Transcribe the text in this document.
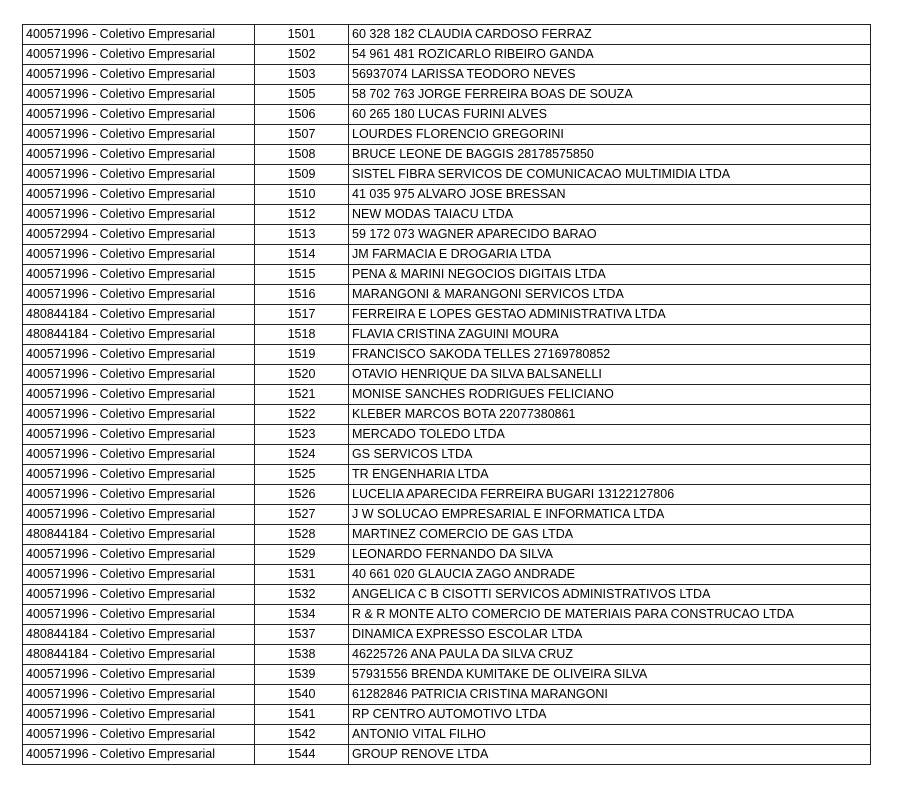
400571996 - Coletivo Empresarial	1501	60 328 182 CLAUDIA CARDOSO FERRAZ
400571996 - Coletivo Empresarial	1502	54 961 481 ROZICARLO RIBEIRO GANDA
400571996 - Coletivo Empresarial	1503	56937074 LARISSA TEODORO NEVES
400571996 - Coletivo Empresarial	1505	58 702 763 JORGE FERREIRA BOAS DE SOUZA
400571996 - Coletivo Empresarial	1506	60 265 180 LUCAS FURINI ALVES
400571996 - Coletivo Empresarial	1507	LOURDES FLORENCIO GREGORINI
400571996 - Coletivo Empresarial	1508	BRUCE LEONE DE BAGGIS 28178575850
400571996 - Coletivo Empresarial	1509	SISTEL FIBRA SERVICOS DE COMUNICACAO MULTIMIDIA LTDA
400571996 - Coletivo Empresarial	1510	41 035 975 ALVARO JOSE BRESSAN
400571996 - Coletivo Empresarial	1512	NEW MODAS TAIACU LTDA
400572994 - Coletivo Empresarial	1513	59 172 073 WAGNER APARECIDO BARAO
400571996 - Coletivo Empresarial	1514	JM FARMACIA E DROGARIA LTDA
400571996 - Coletivo Empresarial	1515	PENA & MARINI NEGOCIOS DIGITAIS LTDA
400571996 - Coletivo Empresarial	1516	MARANGONI & MARANGONI SERVICOS LTDA
480844184 - Coletivo Empresarial	1517	FERREIRA E LOPES GESTAO ADMINISTRATIVA LTDA
480844184 - Coletivo Empresarial	1518	FLAVIA CRISTINA ZAGUINI MOURA
400571996 - Coletivo Empresarial	1519	FRANCISCO SAKODA TELLES 27169780852
400571996 - Coletivo Empresarial	1520	OTAVIO HENRIQUE DA SILVA BALSANELLI
400571996 - Coletivo Empresarial	1521	MONISE SANCHES RODRIGUES FELICIANO
400571996 - Coletivo Empresarial	1522	KLEBER MARCOS BOTA 22077380861
400571996 - Coletivo Empresarial	1523	MERCADO TOLEDO LTDA
400571996 - Coletivo Empresarial	1524	GS SERVICOS LTDA
400571996 - Coletivo Empresarial	1525	TR ENGENHARIA LTDA
400571996 - Coletivo Empresarial	1526	LUCELIA APARECIDA FERREIRA BUGARI 13122127806
400571996 - Coletivo Empresarial	1527	J W SOLUCAO EMPRESARIAL E INFORMATICA LTDA
480844184 - Coletivo Empresarial	1528	MARTINEZ COMERCIO DE GAS LTDA
400571996 - Coletivo Empresarial	1529	LEONARDO FERNANDO DA SILVA
400571996 - Coletivo Empresarial	1531	40 661 020 GLAUCIA ZAGO ANDRADE
400571996 - Coletivo Empresarial	1532	ANGELICA C B CISOTTI SERVICOS ADMINISTRATIVOS LTDA
400571996 - Coletivo Empresarial	1534	R & R MONTE ALTO COMERCIO DE MATERIAIS PARA CONSTRUCAO LTDA
480844184 - Coletivo Empresarial	1537	DINAMICA EXPRESSO ESCOLAR LTDA
480844184 - Coletivo Empresarial	1538	46225726 ANA PAULA DA SILVA CRUZ
400571996 - Coletivo Empresarial	1539	57931556 BRENDA KUMITAKE DE OLIVEIRA SILVA
400571996 - Coletivo Empresarial	1540	61282846 PATRICIA CRISTINA MARANGONI
400571996 - Coletivo Empresarial	1541	RP CENTRO AUTOMOTIVO LTDA
400571996 - Coletivo Empresarial	1542	ANTONIO VITAL FILHO
400571996 - Coletivo Empresarial	1544	GROUP RENOVE LTDA
